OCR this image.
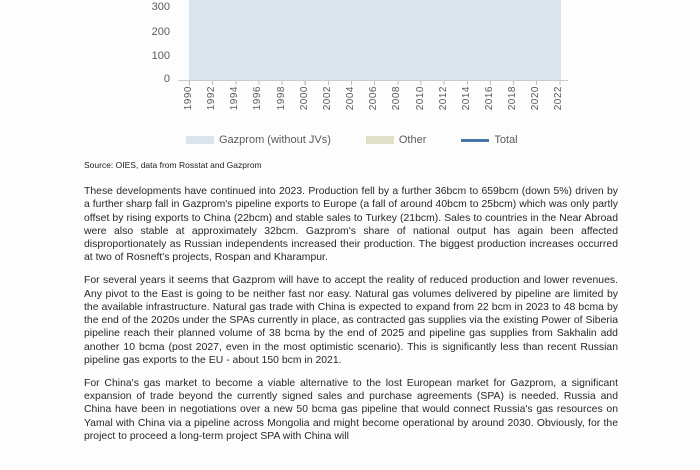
300
200
100
0
1990 1992 1994 1996 1998 2000 2002 2004 2006 2008 2010 2012 2014 2016 2018 2020 2022
Gazprom (without JVs)	Other	Total
Source: OIES, data from Rosstat and Gazprom

These developments have continued into 2023. Production fell by a further 36bcm to 659bcm (down 5%) driven by a further sharp fall in Gazprom's pipeline exports to Europe (a fall of around 40bcm to 25bcm) which was only partly offset by rising exports to China (22bcm) and stable sales to Turkey (21bcm). Sales to countries in the Near Abroad were also stable at approximately 32bcm. Gazprom's share of national output has again been affected disproportionately as Russian independents increased their production. The biggest production increases occurred at two of Rosneft's projects, Rospan and Kharampur.

For several years it seems that Gazprom will have to accept the reality of reduced production and lower revenues. Any pivot to the East is going to be neither fast nor easy. Natural gas volumes delivered by pipeline are limited by the available infrastructure. Natural gas trade with China is expected to expand from 22 bcm in 2023 to 48 bcma by the end of the 2020s under the SPAs currently in place, as contracted gas supplies via the existing Power of Siberia pipeline reach their planned volume of 38 bcma by the end of 2025 and pipeline gas supplies from Sakhalin add another 10 bcma (post 2027, even in the most optimistic scenario). This is significantly less than recent Russian pipeline gas exports to the EU - about 150 bcm in 2021.

For China's gas market to become a viable alternative to the lost European market for Gazprom, a significant expansion of trade beyond the currently signed sales and purchase agreements (SPA) is needed. Russia and China have been in negotiations over a new 50 bcma gas pipeline that would connect Russia's gas resources on Yamal with China via a pipeline across Mongolia and might become operational by around 2030. Obviously, for the project to proceed a long-term project SPA with China will
